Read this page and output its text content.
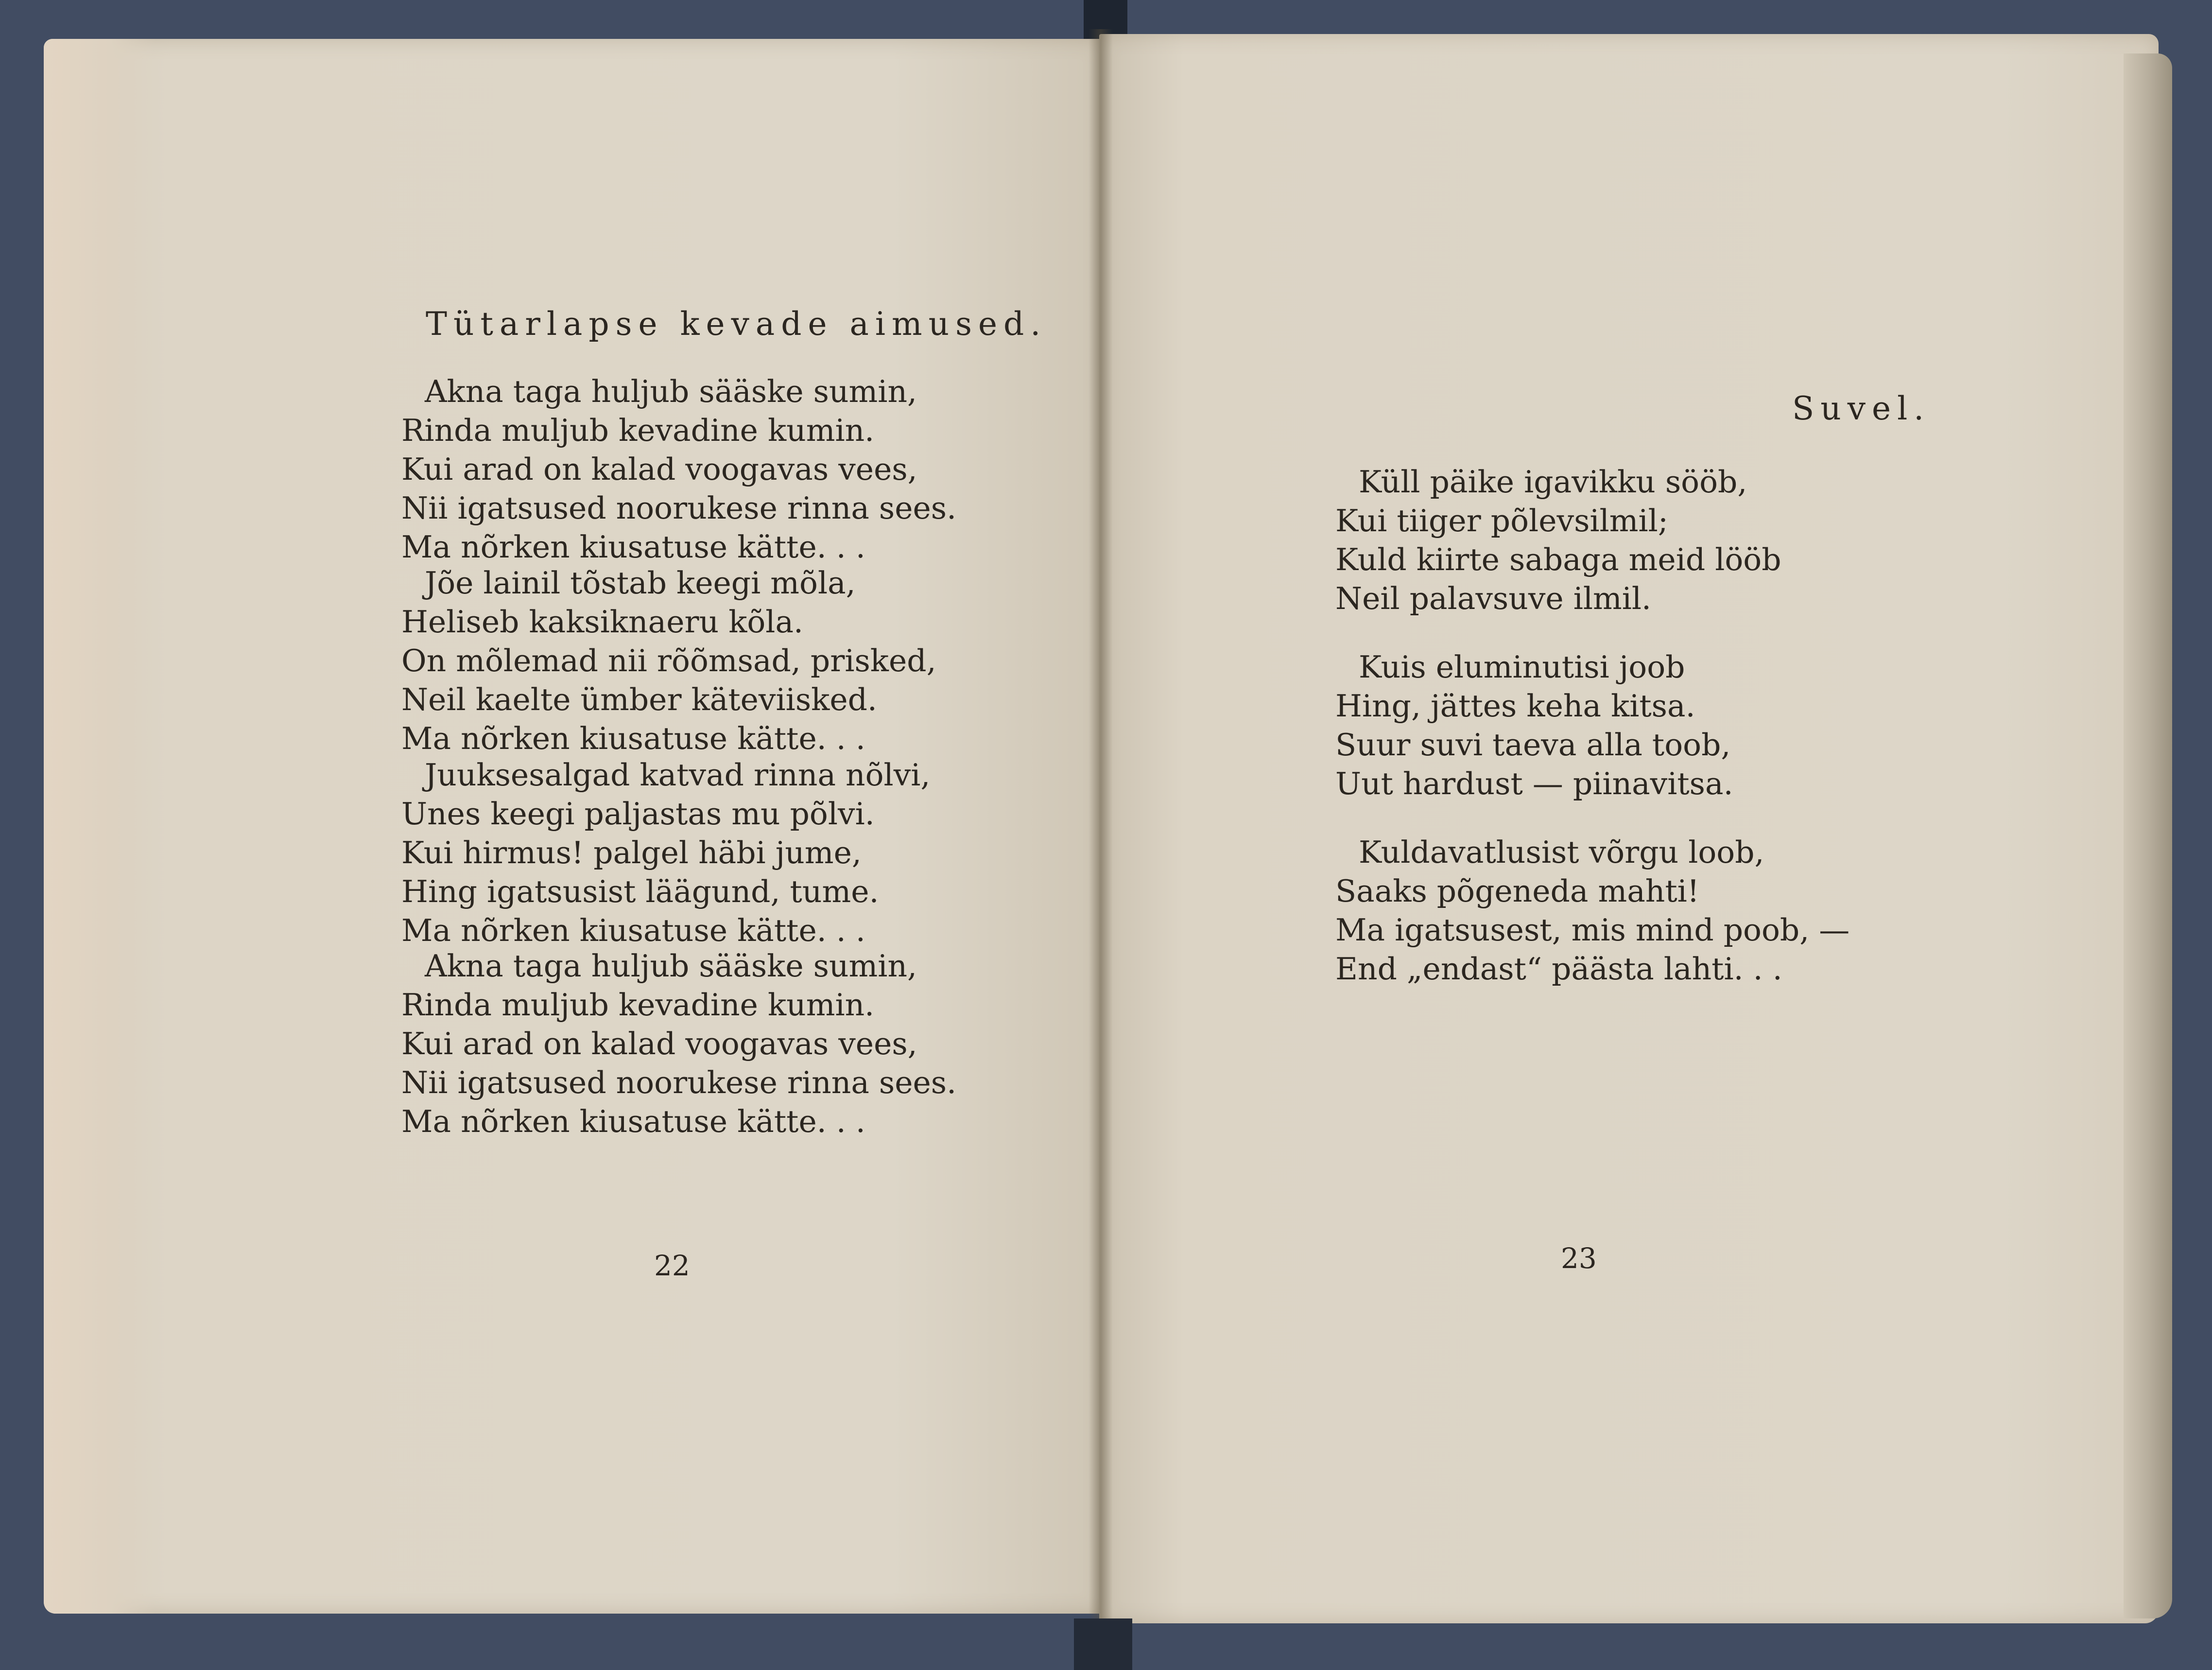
Tütarlapse kevade aimused.
Akna taga huljub sääske sumin,
Rinda muljub kevadine kumin.
Kui arad on kalad voogavas vees,
Nii igatsused noorukese rinna sees.
Ma nõrken kiusatuse kätte. . .
Jõe lainil tõstab keegi mõla,
Heliseb kaksiknaeru kõla.
On mõlemad nii rõõmsad, prisked,
Neil kaelte ümber käteviisked.
Ma nõrken kiusatuse kätte. . .
Juuksesalgad katvad rinna nõlvi,
Unes keegi paljastas mu põlvi.
Kui hirmus! palgel häbi jume,
Hing igatsusist läägund, tume.
Ma nõrken kiusatuse kätte. . .
Akna taga huljub sääske sumin,
Rinda muljub kevadine kumin.
Kui arad on kalad voogavas vees,
Nii igatsused noorukese rinna sees.
Ma nõrken kiusatuse kätte. . .
22
Suvel.
Küll päike igavikku sööb,
Kui tiiger põlevsilmil;
Kuld kiirte sabaga meid lööb
Neil palavsuve ilmil.
Kuis eluminutisi joob
Hing, jättes keha kitsa.
Suur suvi taeva alla toob,
Uut hardust — piinavitsa.
Kuldavatlusist võrgu loob,
Saaks põgeneda mahti!
Ma igatsusest, mis mind poob, —
End „endast“ päästa lahti. . .
23
